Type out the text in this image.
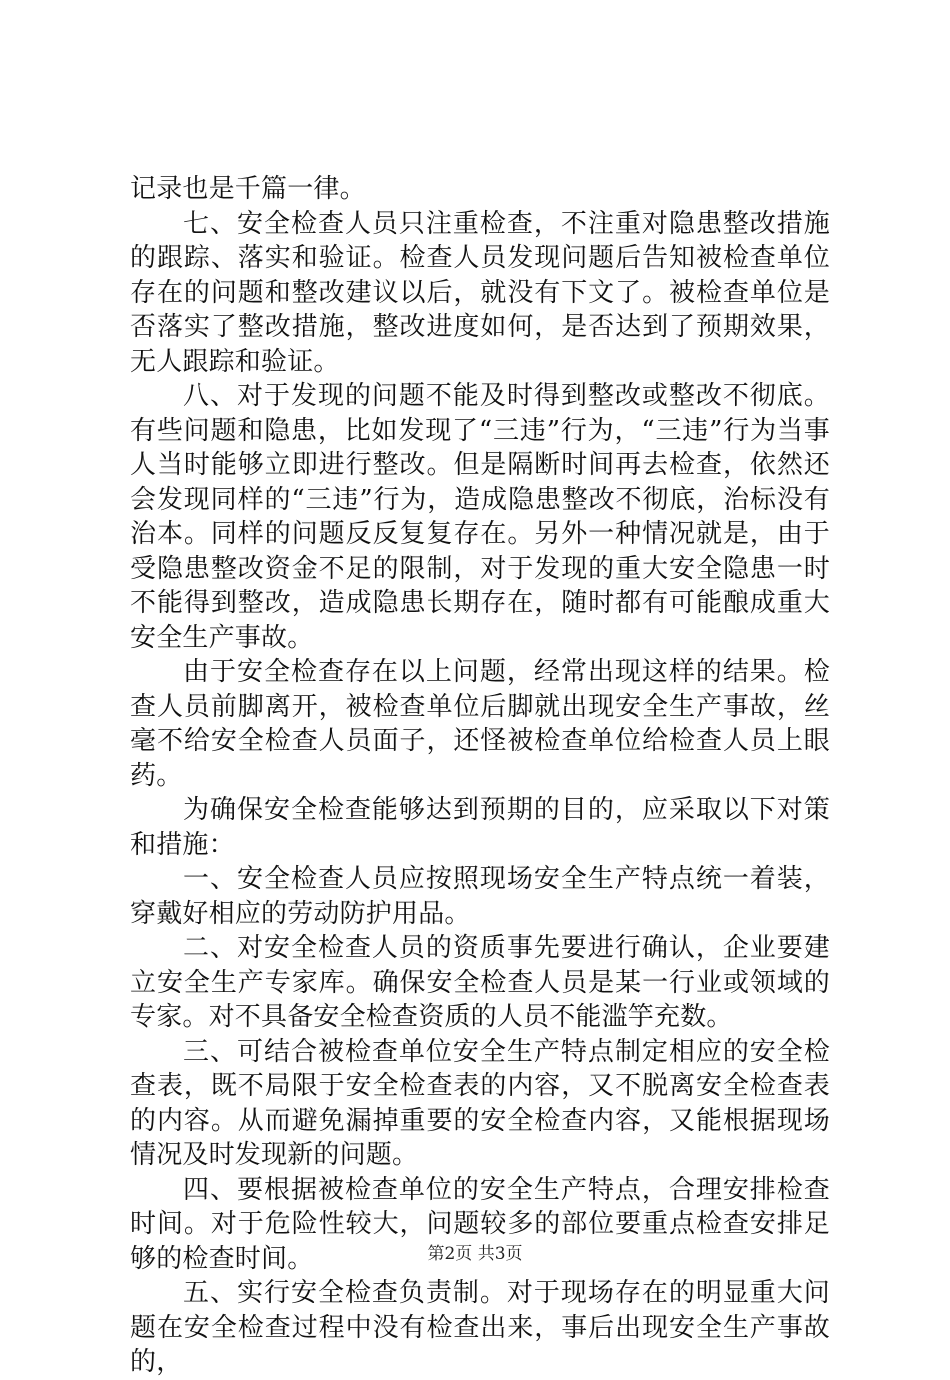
记录也是千篇一律。

七、安全检查人员只注重检查，不注重对隐患整改措施的跟踪、落实和验证。检查人员发现问题后告知被检查单位存在的问题和整改建议以后，就没有下文了。被检查单位是否落实了整改措施，整改进度如何，是否达到了预期效果，无人跟踪和验证。

八、对于发现的问题不能及时得到整改或整改不彻底。有些问题和隐患，比如发现了“三违”行为，“三违”行为当事人当时能够立即进行整改。但是隔断时间再去检查，依然还会发现同样的“三违”行为，造成隐患整改不彻底，治标没有治本。同样的问题反反复复存在。另外一种情况就是，由于受隐患整改资金不足的限制，对于发现的重大安全隐患一时不能得到整改，造成隐患长期存在，随时都有可能酿成重大安全生产事故。

由于安全检查存在以上问题，经常出现这样的结果。检查人员前脚离开，被检查单位后脚就出现安全生产事故，丝毫不给安全检查人员面子，还怪被检查单位给检查人员上眼药。

为确保安全检查能够达到预期的目的，应采取以下对策和措施：

一、安全检查人员应按照现场安全生产特点统一着装，穿戴好相应的劳动防护用品。

二、对安全检查人员的资质事先要进行确认，企业要建立安全生产专家库。确保安全检查人员是某一行业或领域的专家。对不具备安全检查资质的人员不能滥竽充数。

三、可结合被检查单位安全生产特点制定相应的安全检查表，既不局限于安全检查表的内容，又不脱离安全检查表的内容。从而避免漏掉重要的安全检查内容，又能根据现场情况及时发现新的问题。

四、要根据被检查单位的安全生产特点，合理安排检查时间。对于危险性较大，问题较多的部位要重点检查安排足够的检查时间。

五、实行安全检查负责制。对于现场存在的明显重大问题在安全检查过程中没有检查出来，事后出现安全生产事故的，

第2页 共3页
